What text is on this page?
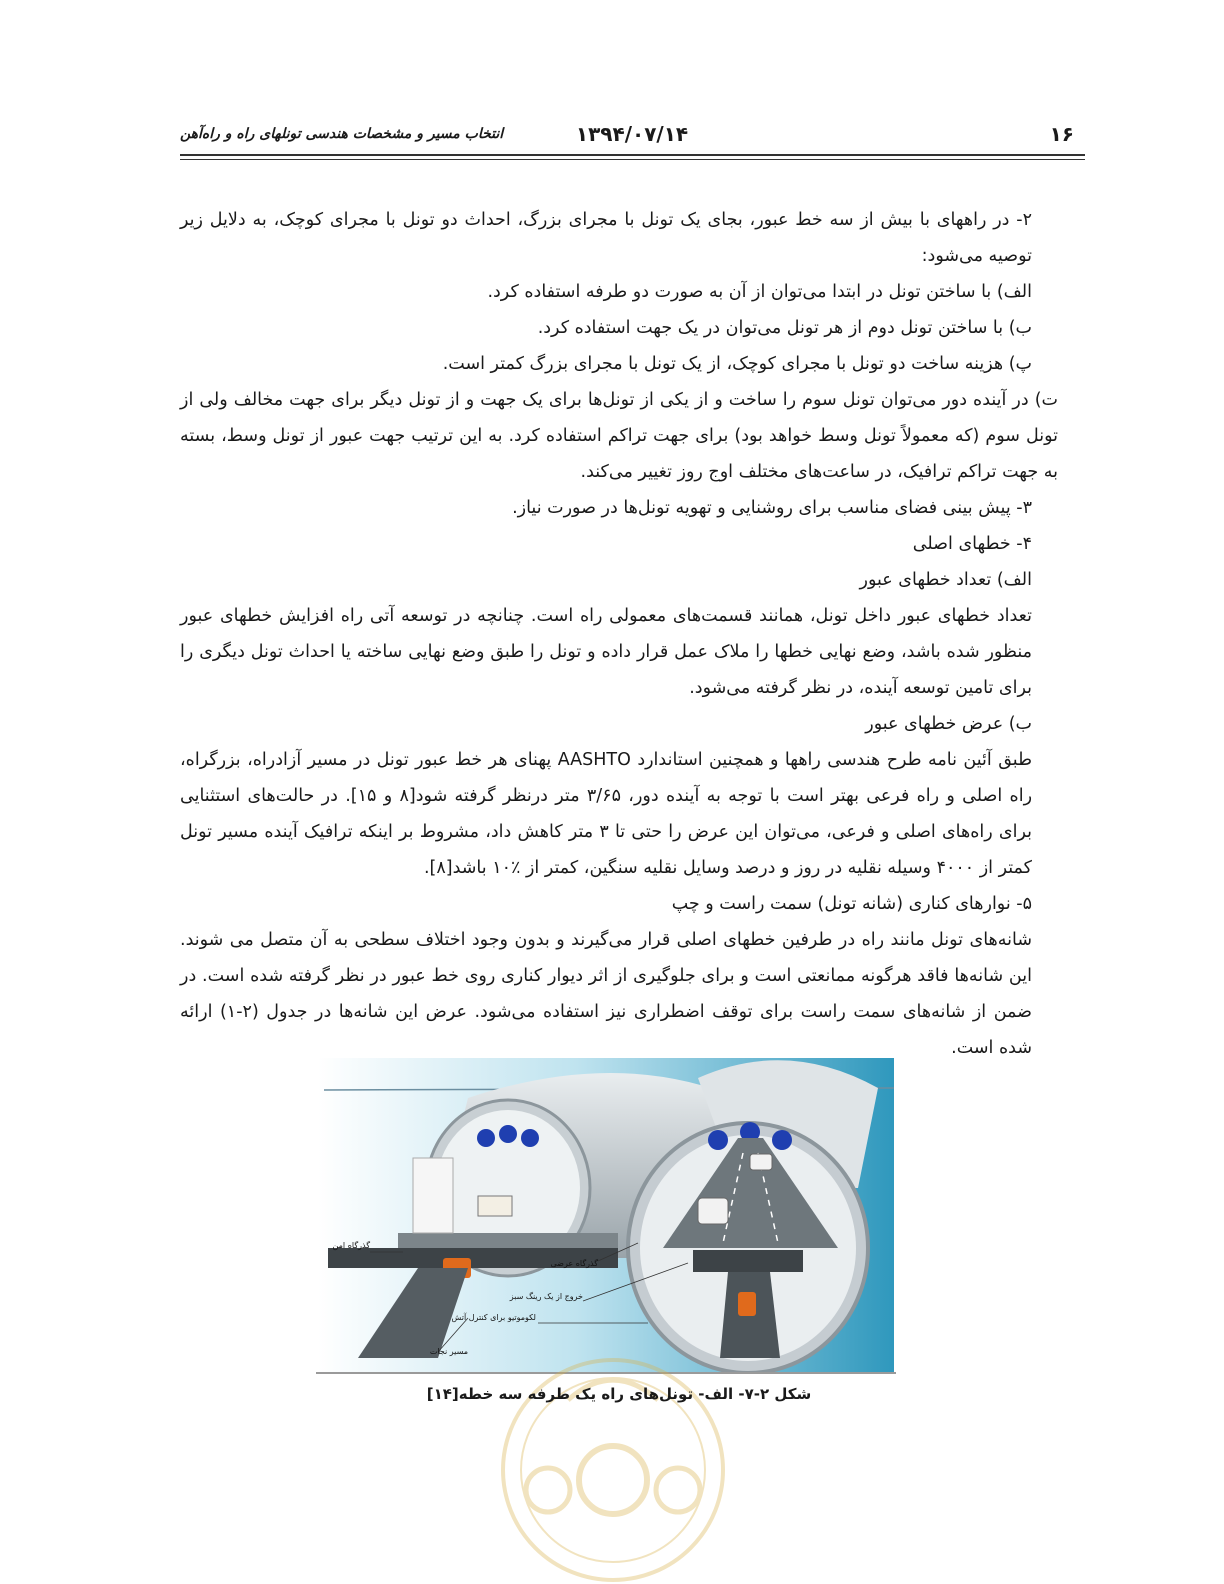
۱۶
۱۳۹۴/۰۷/۱۴
انتخاب مسیر و مشخصات هندسی تونلهای راه و راه‌آهن

۲- در راههای با بیش از سه خط عبور، بجای یک تونل با مجرای بزرگ، احداث دو تونل با مجرای کوچک، به دلایل زیر توصیه می‌شود:

الف) با ساختن تونل در ابتدا می‌توان از آن به صورت دو طرفه استفاده کرد.

ب) با ساختن تونل دوم از هر تونل می‌توان در یک جهت استفاده کرد.

پ) هزینه ساخت دو تونل با مجرای کوچک، از یک تونل با مجرای بزرگ کمتر است.

ت) در آینده دور می‌توان تونل سوم را ساخت و از یکی از تونل‌ها برای یک جهت و از تونل دیگر برای جهت مخالف ولی از تونل سوم (که معمولاً تونل وسط خواهد بود) برای جهت تراکم استفاده کرد. به این ترتیب جهت عبور از تونل وسط، بسته به جهت تراکم ترافیک، در ساعت‌های مختلف اوج روز تغییر می‌کند.

۳- پیش بینی فضای مناسب برای روشنایی و تهویه تونل‌ها در صورت نیاز.

۴- خطهای اصلی

الف) تعداد خطهای عبور

تعداد خطهای عبور داخل تونل، همانند قسمت‌های معمولی راه است. چنانچه در توسعه آتی راه افزایش خطهای عبور منظور شده باشد، وضع نهایی خطها را ملاک عمل قرار داده و تونل را طبق وضع نهایی ساخته یا احداث تونل دیگری را برای تامین توسعه آینده، در نظر گرفته می‌شود.

ب) عرض خطهای عبور

طبق آئین نامه طرح هندسی راهها و همچنین استاندارد AASHTO پهنای هر خط عبور تونل در مسیر آزادراه، بزرگراه، راه اصلی و راه فرعی بهتر است با توجه به آینده دور، ۳/۶۵ متر درنظر گرفته شود[۸ و ۱۵]. در حالت‌های استثنایی برای راه‌های اصلی و فرعی، می‌توان این عرض را حتی تا ۳ متر کاهش داد، مشروط بر اینکه ترافیک آینده مسیر تونل کمتر از ۴۰۰۰ وسیله نقلیه در روز و درصد وسایل نقلیه سنگین، کمتر از ٪۱۰ باشد[۸].

۵- نوارهای کناری (شانه تونل) سمت راست و چپ

شانه‌های تونل مانند راه در طرفین خطهای اصلی قرار می‌گیرند و بدون وجود اختلاف سطحی به آن متصل می شوند. این شانه‌ها فاقد هرگونه ممانعتی است و برای جلوگیری از اثر دیوار کناری روی خط عبور در نظر گرفته شده است. در ضمن از شانه‌های سمت راست برای توقف اضطراری نیز استفاده می‌شود. عرض این شانه‌ها در جدول (۲-۱) ارائه شده است.

گذرگاه امن
گذرگاه عرضی
خروج از یک رینگ سبز
لکوموتیو برای کنترل آتش
مسیر نجات
شکل ۲-۷- الف- تونل‌های راه یک طرفه سه خطه[۱۴]
